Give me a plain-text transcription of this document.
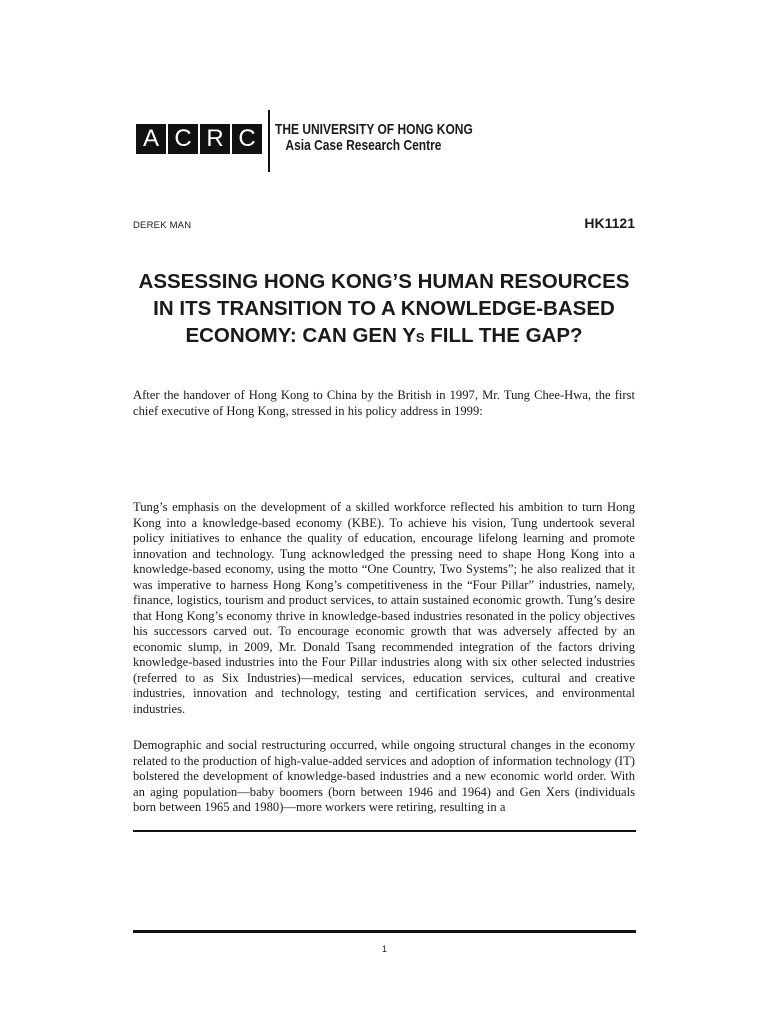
A C R C	THE UNIVERSITY OF HONG KONG
Asia Case Research Centre
DEREK MAN	HK1121
ASSESSING HONG KONG’S HUMAN RESOURCES IN ITS TRANSITION TO A KNOWLEDGE-BASED ECONOMY: CAN GEN YS FILL THE GAP?

After the handover of Hong Kong to China by the British in 1997, Mr. Tung Chee-Hwa, the first chief executive of Hong Kong, stressed in his policy address in 1999:

Tung’s emphasis on the development of a skilled workforce reflected his ambition to turn Hong Kong into a knowledge-based economy (KBE). To achieve his vision, Tung undertook several policy initiatives to enhance the quality of education, encourage lifelong learning and promote innovation and technology. Tung acknowledged the pressing need to shape Hong Kong into a knowledge-based economy, using the motto “One Country, Two Systems”; he also realized that it was imperative to harness Hong Kong’s competitiveness in the “Four Pillar” industries, namely, finance, logistics, tourism and product services, to attain sustained economic growth. Tung’s desire that Hong Kong’s economy thrive in knowledge-based industries resonated in the policy objectives his successors carved out. To encourage economic growth that was adversely affected by an economic slump, in 2009, Mr. Donald Tsang recommended integration of the factors driving knowledge-based industries into the Four Pillar industries along with six other selected industries (referred to as Six Industries)—medical services, education services, cultural and creative industries, innovation and technology, testing and certification services, and environmental industries.

Demographic and social restructuring occurred, while ongoing structural changes in the economy related to the production of high-value-added services and adoption of information technology (IT) bolstered the development of knowledge-based industries and a new economic world order. With an aging population—baby boomers (born between 1946 and 1964) and Gen Xers (individuals born between 1965 and 1980)—more workers were retiring, resulting in a

1
